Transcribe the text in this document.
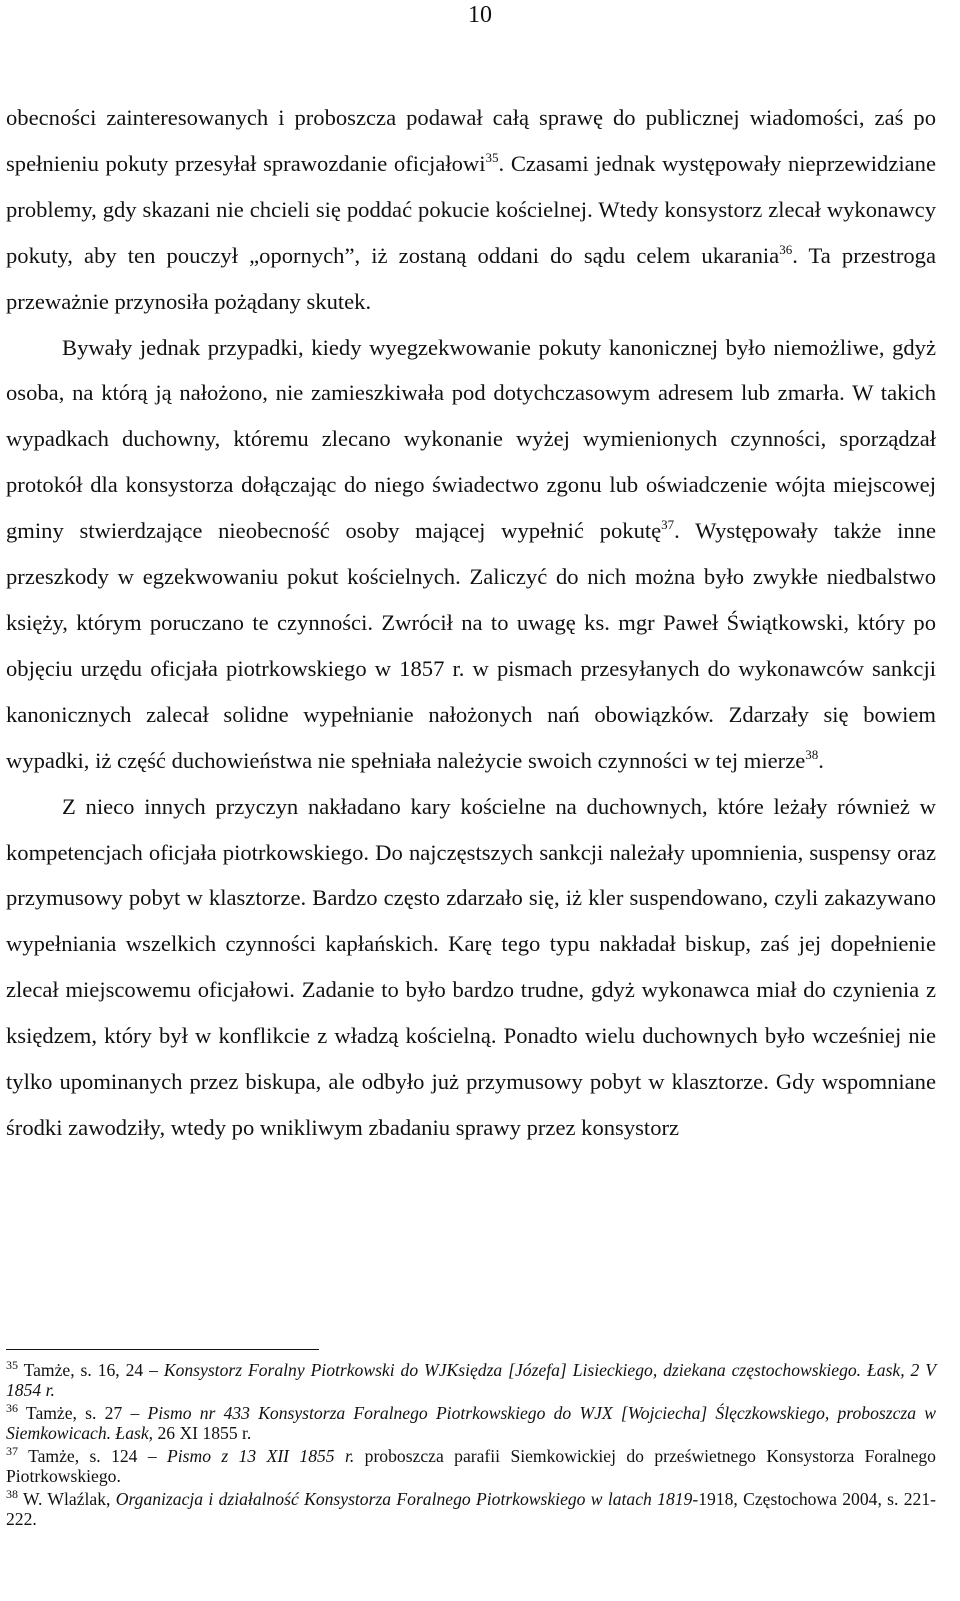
10

obecności zainteresowanych i proboszcza podawał całą sprawę do publicznej wiadomości, zaś po spełnieniu pokuty przesyłał sprawozdanie oficjałowi$^{35}$. Czasami jednak występowały nieprzewidziane problemy, gdy skazani nie chcieli się poddać pokucie kościelnej. Wtedy konsystorz zlecał wykonawcy pokuty, aby ten pouczył „opornych”, iż zostaną oddani do sądu celem ukarania$^{36}$. Ta przestroga przeważnie przynosiła pożądany skutek.

Bywały jednak przypadki, kiedy wyegzekwowanie pokuty kanonicznej było niemożliwe, gdyż osoba, na którą ją nałożono, nie zamieszkiwała pod dotychczasowym adresem lub zmarła. W takich wypadkach duchowny, któremu zlecano wykonanie wyżej wymienionych czynności, sporządzał protokół dla konsystorza dołączając do niego świadectwo zgonu lub oświadczenie wójta miejscowej gminy stwierdzające nieobecność osoby mającej wypełnić pokutę$^{37}$. Występowały także inne przeszkody w egzekwowaniu pokut kościelnych. Zaliczyć do nich można było zwykłe niedbalstwo księży, którym poruczano te czynności. Zwrócił na to uwagę ks. mgr Paweł Świątkowski, który po objęciu urzędu oficjała piotrkowskiego w 1857 r. w pismach przesyłanych do wykonawców sankcji kanonicznych zalecał solidne wypełnianie nałożonych nań obowiązków. Zdarzały się bowiem wypadki, iż część duchowieństwa nie spełniała należycie swoich czynności w tej mierze$^{38}$.

Z nieco innych przyczyn nakładano kary kościelne na duchownych, które leżały również w kompetencjach oficjała piotrkowskiego. Do najczęstszych sankcji należały upomnienia, suspensy oraz przymusowy pobyt w klasztorze. Bardzo często zdarzało się, iż kler suspendowano, czyli zakazywano wypełniania wszelkich czynności kapłańskich. Karę tego typu nakładał biskup, zaś jej dopełnienie zlecał miejscowemu oficjałowi. Zadanie to było bardzo trudne, gdyż wykonawca miał do czynienia z księdzem, który był w konflikcie z władzą kościelną. Ponadto wielu duchownych było wcześniej nie tylko upominanych przez biskupa, ale odbyło już przymusowy pobyt w klasztorze. Gdy wspomniane środki zawodziły, wtedy po wnikliwym zbadaniu sprawy przez konsystorz

$^{35}$ Tamże, s. 16, 24 – Konsystorz Foralny Piotrkowski do WJKsiędza [Józefa] Lisieckiego, dziekana częstochowskiego. Łask, 2 V 1854 r.
$^{36}$ Tamże, s. 27 – Pismo nr 433 Konsystorza Foralnego Piotrkowskiego do WJX [Wojciecha] Ślęczkowskiego, proboszcza w Siemkowicach. Łask, 26 XI 1855 r.
$^{37}$ Tamże, s. 124 – Pismo z 13 XII 1855 r. proboszcza parafii Siemkowickiej do prześwietnego Konsystorza Foralnego Piotrkowskiego.
$^{38}$ W. Wlaźlak, Organizacja i działalność Konsystorza Foralnego Piotrkowskiego w latach 1819-1918, Częstochowa 2004, s. 221-222.
